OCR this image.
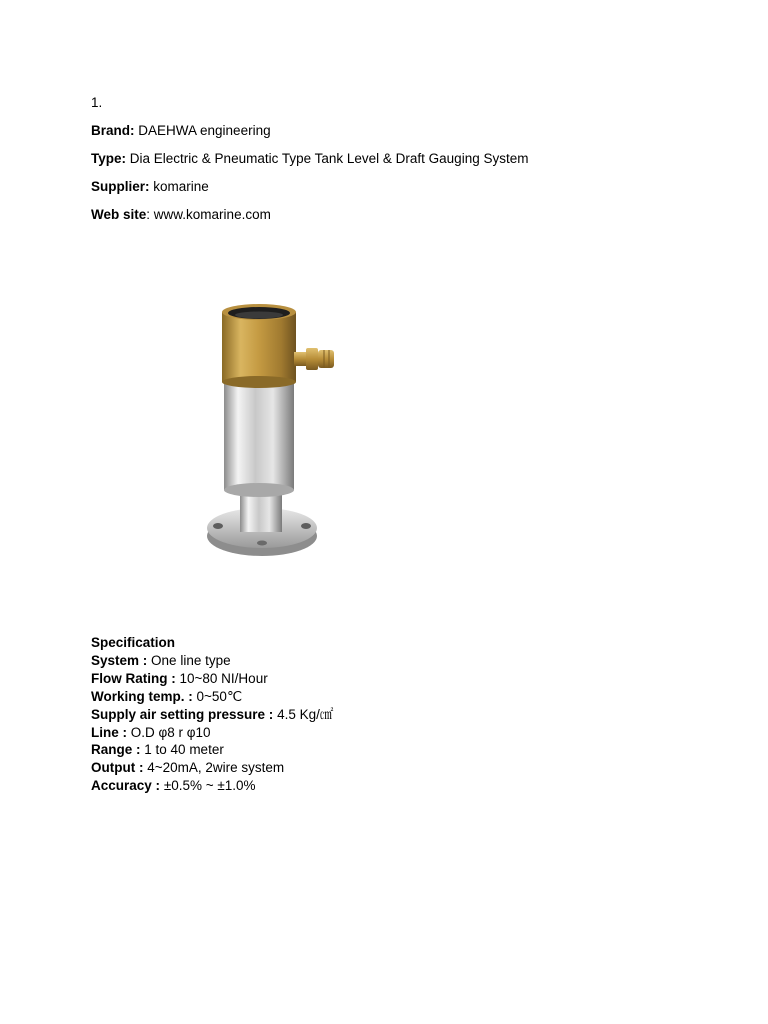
1.
Brand: DAEHWA engineering
Type: Dia Electric & Pneumatic Type Tank Level & Draft Gauging System
Supplier: komarine
Web site: www.komarine.com
Specification
System : One line type
Flow Rating : 10~80 NI/Hour
Working temp. : 0~50℃
Supply air setting pressure : 4.5 Kg/㎠
Line : O.D φ8 r φ10
Range : 1 to 40 meter
Output : 4~20mA, 2wire system
Accuracy : ±0.5% ~ ±1.0%
